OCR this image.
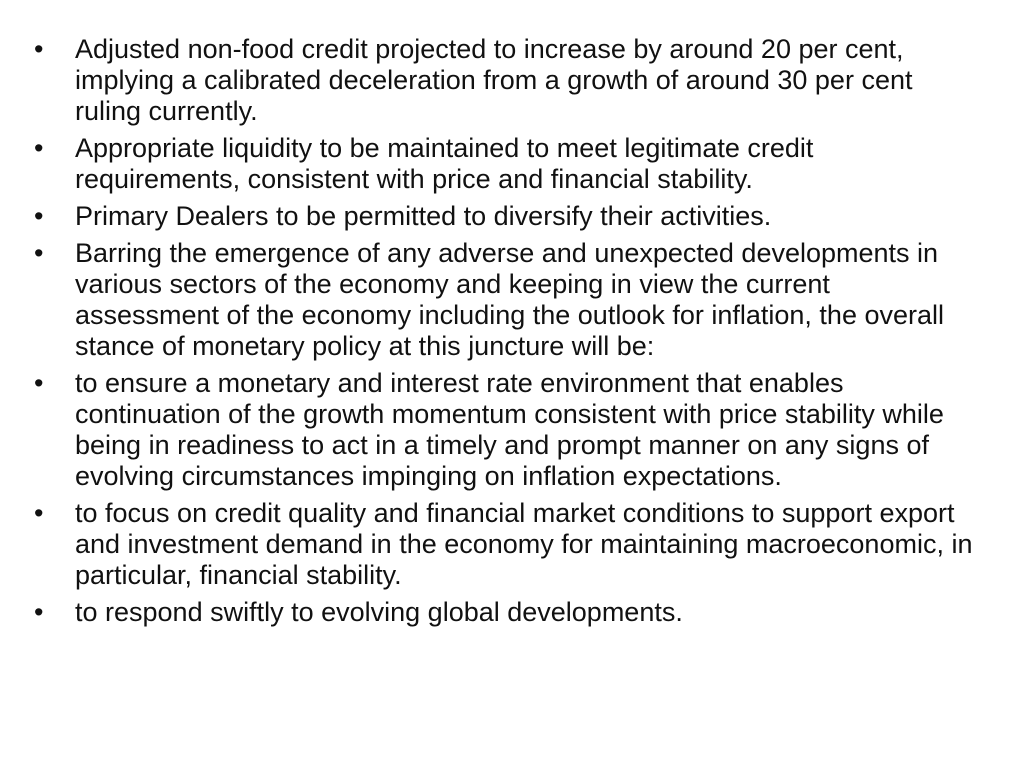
•	Adjusted non-food credit projected to increase by around 20 per cent, implying a calibrated deceleration from a growth of around 30 per cent ruling currently.
•	Appropriate liquidity to be maintained to meet legitimate credit requirements, consistent with price and financial stability.
•	Primary Dealers to be permitted to diversify their activities.
•	Barring the emergence of any adverse and unexpected developments in various sectors of the economy and keeping in view the current assessment of the economy including the outlook for inflation, the overall stance of monetary policy at this juncture will be:
•	to ensure a monetary and interest rate environment that enables continuation of the growth momentum consistent with price stability while being in readiness to act in a timely and prompt manner on any signs of evolving circumstances impinging on inflation expectations.
•	to focus on credit quality and financial market conditions to support export and investment demand in the economy for maintaining macroeconomic, in particular, financial stability.
•	to respond swiftly to evolving global developments.
